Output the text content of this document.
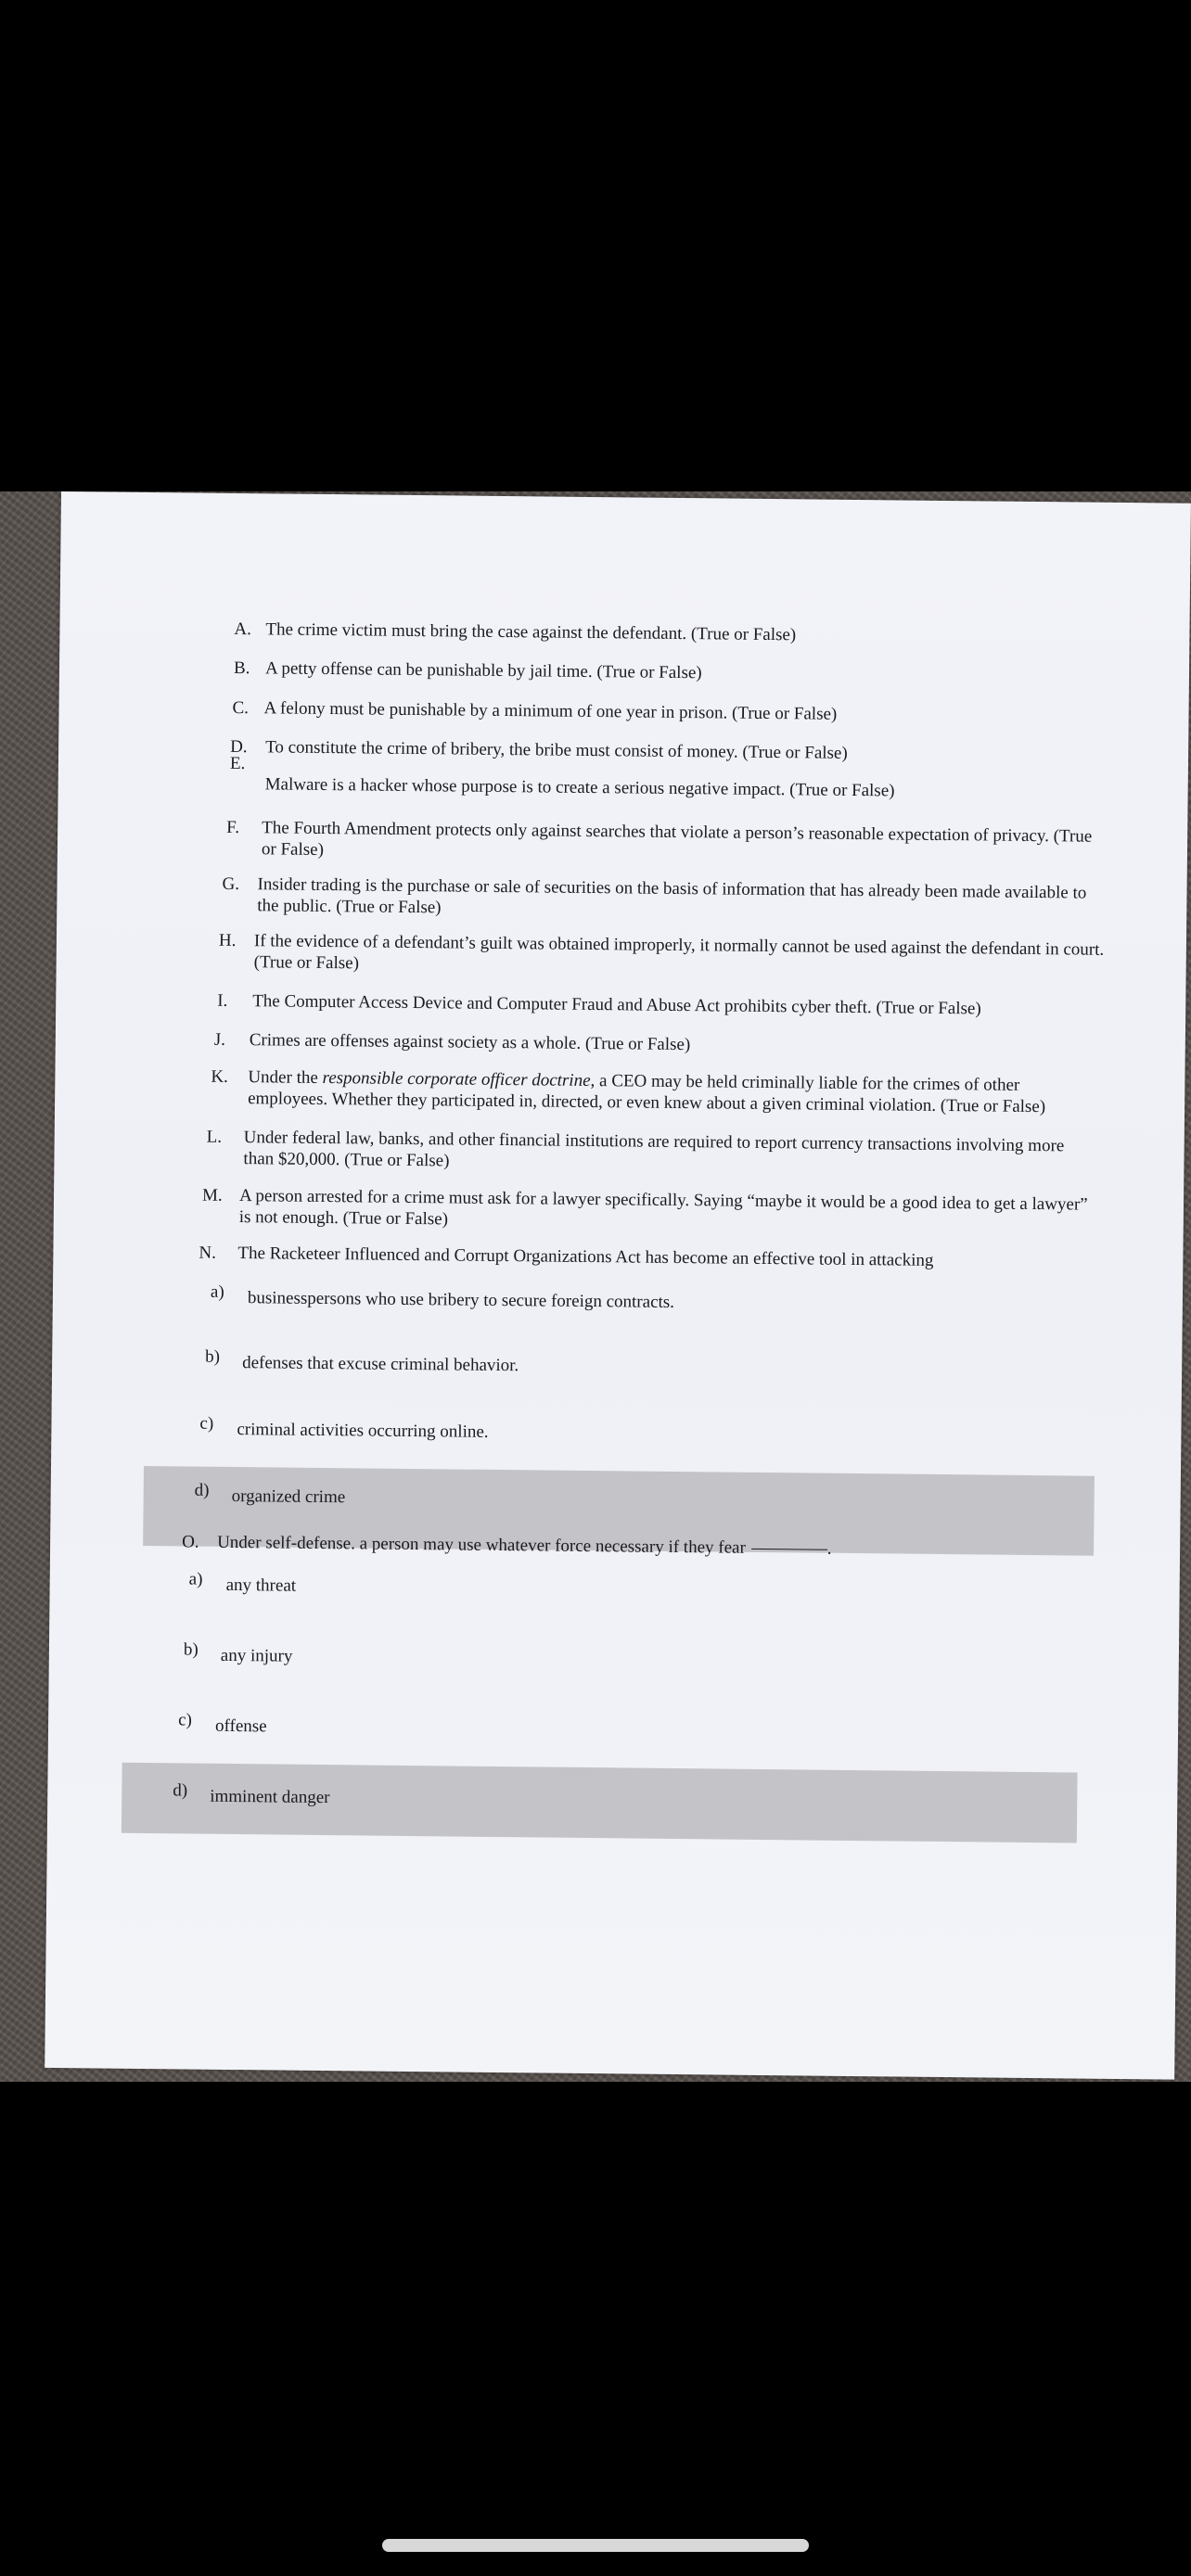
A. The crime victim must bring the case against the defendant. (True or False)
B. A petty offense can be punishable by jail time. (True or False)
C. A felony must be punishable by a minimum of one year in prison. (True or False)
D. To constitute the crime of bribery, the bribe must consist of money. (True or False)
E.
Malware is a hacker whose purpose is to create a serious negative impact. (True or False)
F. The Fourth Amendment protects only against searches that violate a person’s reasonable expectation of privacy. (True or False)
G. Insider trading is the purchase or sale of securities on the basis of information that has already been made available to the public. (True or False)
H. If the evidence of a defendant’s guilt was obtained improperly, it normally cannot be used against the defendant in court. (True or False)
I. The Computer Access Device and Computer Fraud and Abuse Act prohibits cyber theft. (True or False)
J. Crimes are offenses against society as a whole. (True or False)
K. Under the responsible corporate officer doctrine, a CEO may be held criminally liable for the crimes of other employees. Whether they participated in, directed, or even knew about a given criminal violation. (True or False)
L. Under federal law, banks, and other financial institutions are required to report currency transactions involving more than $20,000. (True or False)
M. A person arrested for a crime must ask for a lawyer specifically. Saying “maybe it would be a good idea to get a lawyer” is not enough. (True or False)
N. The Racketeer Influenced and Corrupt Organizations Act has become an effective tool in attacking
a) businesspersons who use bribery to secure foreign contracts.
b) defenses that excuse criminal behavior.
c) criminal activities occurring online.
d) organized crime
O. Under self-defense. a person may use whatever force necessary if they fear	.
a) any threat
b) any injury
c) offense
d) imminent danger
